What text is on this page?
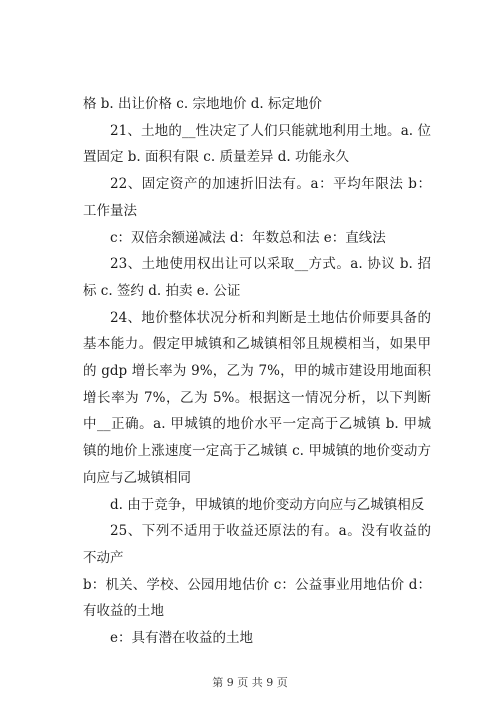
格 b. 出让价格 c. 宗地地价 d. 标定地价

21、土地的__性决定了人们只能就地利用土地。a. 位置固定 b. 面积有限 c. 质量差异 d. 功能永久

22、固定资产的加速折旧法有。a：平均年限法 b：工作量法

c：双倍余额递减法 d：年数总和法 e：直线法

23、土地使用权出让可以采取__方式。a. 协议 b. 招标 c. 签约 d. 拍卖 e. 公证

24、地价整体状况分析和判断是土地估价师要具备的基本能力。假定甲城镇和乙城镇相邻且规模相当，如果甲的 gdp 增长率为 9%，乙为 7%，甲的城市建设用地面积增长率为 7%，乙为 5%。根据这一情况分析，以下判断中__正确。a. 甲城镇的地价水平一定高于乙城镇 b. 甲城镇的地价上涨速度一定高于乙城镇 c. 甲城镇的地价变动方向应与乙城镇相同

d. 由于竞争，甲城镇的地价变动方向应与乙城镇相反

25、下列不适用于收益还原法的有。a。没有收益的不动产

b：机关、学校、公园用地估价 c：公益事业用地估价 d：有收益的土地

e：具有潜在收益的土地

第 9 页 共 9 页
